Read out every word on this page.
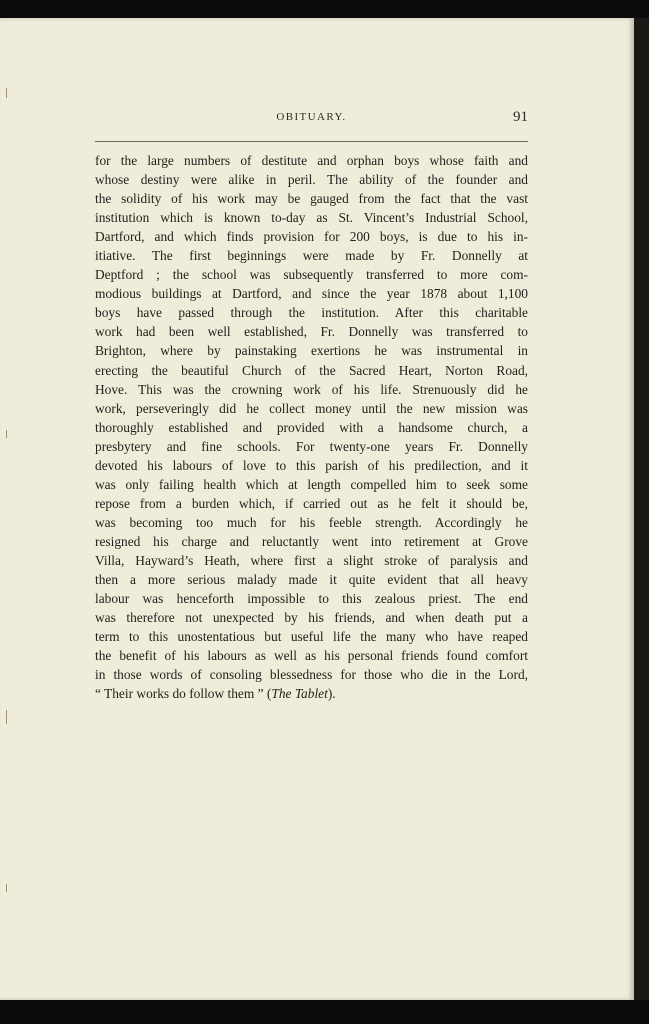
OBITUARY.	91
for the large numbers of destitute and orphan boys whose faith and
whose destiny were alike in peril. The ability of the founder and
the solidity of his work may be gauged from the fact that the vast
institution which is known to-day as St. Vincent’s Industrial School,
Dartford, and which finds provision for 200 boys, is due to his in-
itiative. The first beginnings were made by Fr. Donnelly at
Deptford ; the school was subsequently transferred to more com-
modious buildings at Dartford, and since the year 1878 about 1,100
boys have passed through the institution. After this charitable
work had been well established, Fr. Donnelly was transferred to
Brighton, where by painstaking exertions he was instrumental in
erecting the beautiful Church of the Sacred Heart, Norton Road,
Hove. This was the crowning work of his life. Strenuously did he
work, perseveringly did he collect money until the new mission was
thoroughly established and provided with a handsome church, a
presbytery and fine schools. For twenty-one years Fr. Donnelly
devoted his labours of love to this parish of his predilection, and it
was only failing health which at length compelled him to seek some
repose from a burden which, if carried out as he felt it should be,
was becoming too much for his feeble strength. Accordingly he
resigned his charge and reluctantly went into retirement at Grove
Villa, Hayward’s Heath, where first a slight stroke of paralysis and
then a more serious malady made it quite evident that all heavy
labour was henceforth impossible to this zealous priest. The end
was therefore not unexpected by his friends, and when death put a
term to this unostentatious but useful life the many who have reaped
the benefit of his labours as well as his personal friends found comfort
in those words of consoling blessedness for those who die in the Lord,
“ Their works do follow them ” (The Tablet).
